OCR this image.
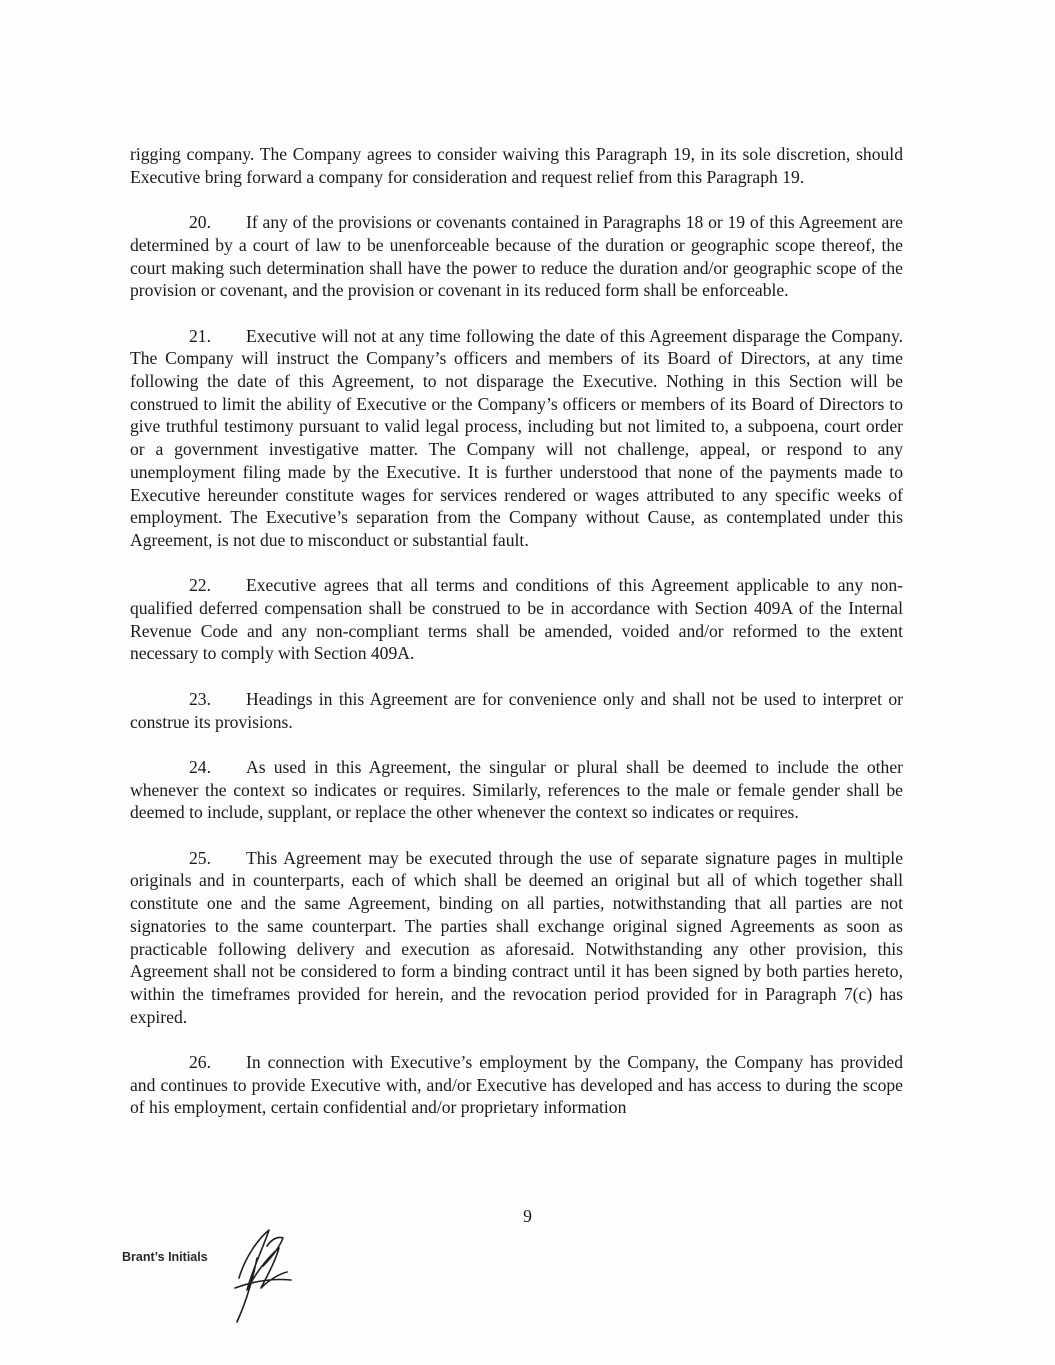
rigging company. The Company agrees to consider waiving this Paragraph 19, in its sole discretion, should Executive bring forward a company for consideration and request relief from this Paragraph 19.

20. If any of the provisions or covenants contained in Paragraphs 18 or 19 of this Agreement are determined by a court of law to be unenforceable because of the duration or geographic scope thereof, the court making such determination shall have the power to reduce the duration and/or geographic scope of the provision or covenant, and the provision or covenant in its reduced form shall be enforceable.

21. Executive will not at any time following the date of this Agreement disparage the Company. The Company will instruct the Company’s officers and members of its Board of Directors, at any time following the date of this Agreement, to not disparage the Executive. Nothing in this Section will be construed to limit the ability of Executive or the Company’s officers or members of its Board of Directors to give truthful testimony pursuant to valid legal process, including but not limited to, a subpoena, court order or a government investigative matter. The Company will not challenge, appeal, or respond to any unemployment filing made by the Executive. It is further understood that none of the payments made to Executive hereunder constitute wages for services rendered or wages attributed to any specific weeks of employment. The Executive’s separation from the Company without Cause, as contemplated under this Agreement, is not due to misconduct or substantial fault.

22. Executive agrees that all terms and conditions of this Agreement applicable to any non-qualified deferred compensation shall be construed to be in accordance with Section 409A of the Internal Revenue Code and any non-compliant terms shall be amended, voided and/or reformed to the extent necessary to comply with Section 409A.

23. Headings in this Agreement are for convenience only and shall not be used to interpret or construe its provisions.

24. As used in this Agreement, the singular or plural shall be deemed to include the other whenever the context so indicates or requires. Similarly, references to the male or female gender shall be deemed to include, supplant, or replace the other whenever the context so indicates or requires.

25. This Agreement may be executed through the use of separate signature pages in multiple originals and in counterparts, each of which shall be deemed an original but all of which together shall constitute one and the same Agreement, binding on all parties, notwithstanding that all parties are not signatories to the same counterpart. The parties shall exchange original signed Agreements as soon as practicable following delivery and execution as aforesaid. Notwithstanding any other provision, this Agreement shall not be considered to form a binding contract until it has been signed by both parties hereto, within the timeframes provided for herein, and the revocation period provided for in Paragraph 7(c) has expired.

26. In connection with Executive’s employment by the Company, the Company has provided and continues to provide Executive with, and/or Executive has developed and has access to during the scope of his employment, certain confidential and/or proprietary information

9
Brant’s Initials
